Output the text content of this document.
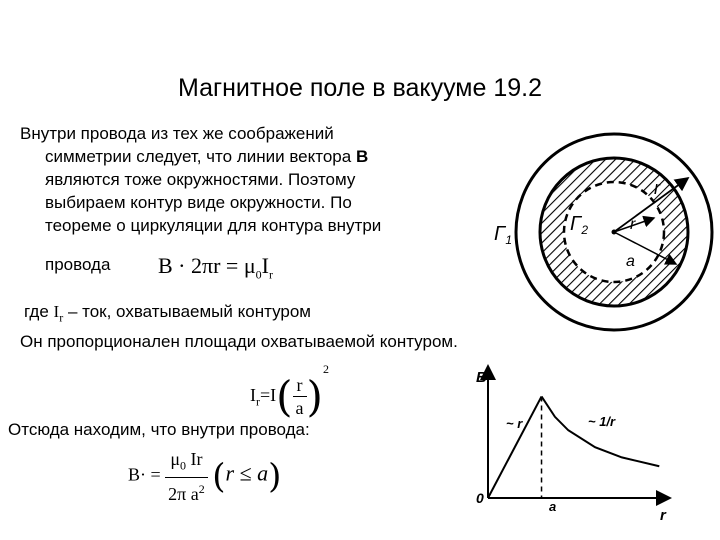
Магнитное поле в вакууме 19.2
Внутри провода из тех же соображений
симметрии следует, что линии вектора В
являются тоже окружностями. Поэтому
выбираем контур виде окружности. По
теореме о циркуляции для контура внутри
провода	$B \cdot 2\pi r = \mu_0I_r$
где $I_r$ – ток, охватываемый контуром
Он пропорционален площади охватываемой контуром.
$I_r=I( \frac{r}{a} )^2$
Отсюда находим, что внутри провода:
$B\cdot = \frac{\mu_0 Ir}{2\pi a^2} (r \le a)$
r
r
a
$\Gamma_2$
$\Gamma_1$
B
r
0
a
~ r	~ 1/r
